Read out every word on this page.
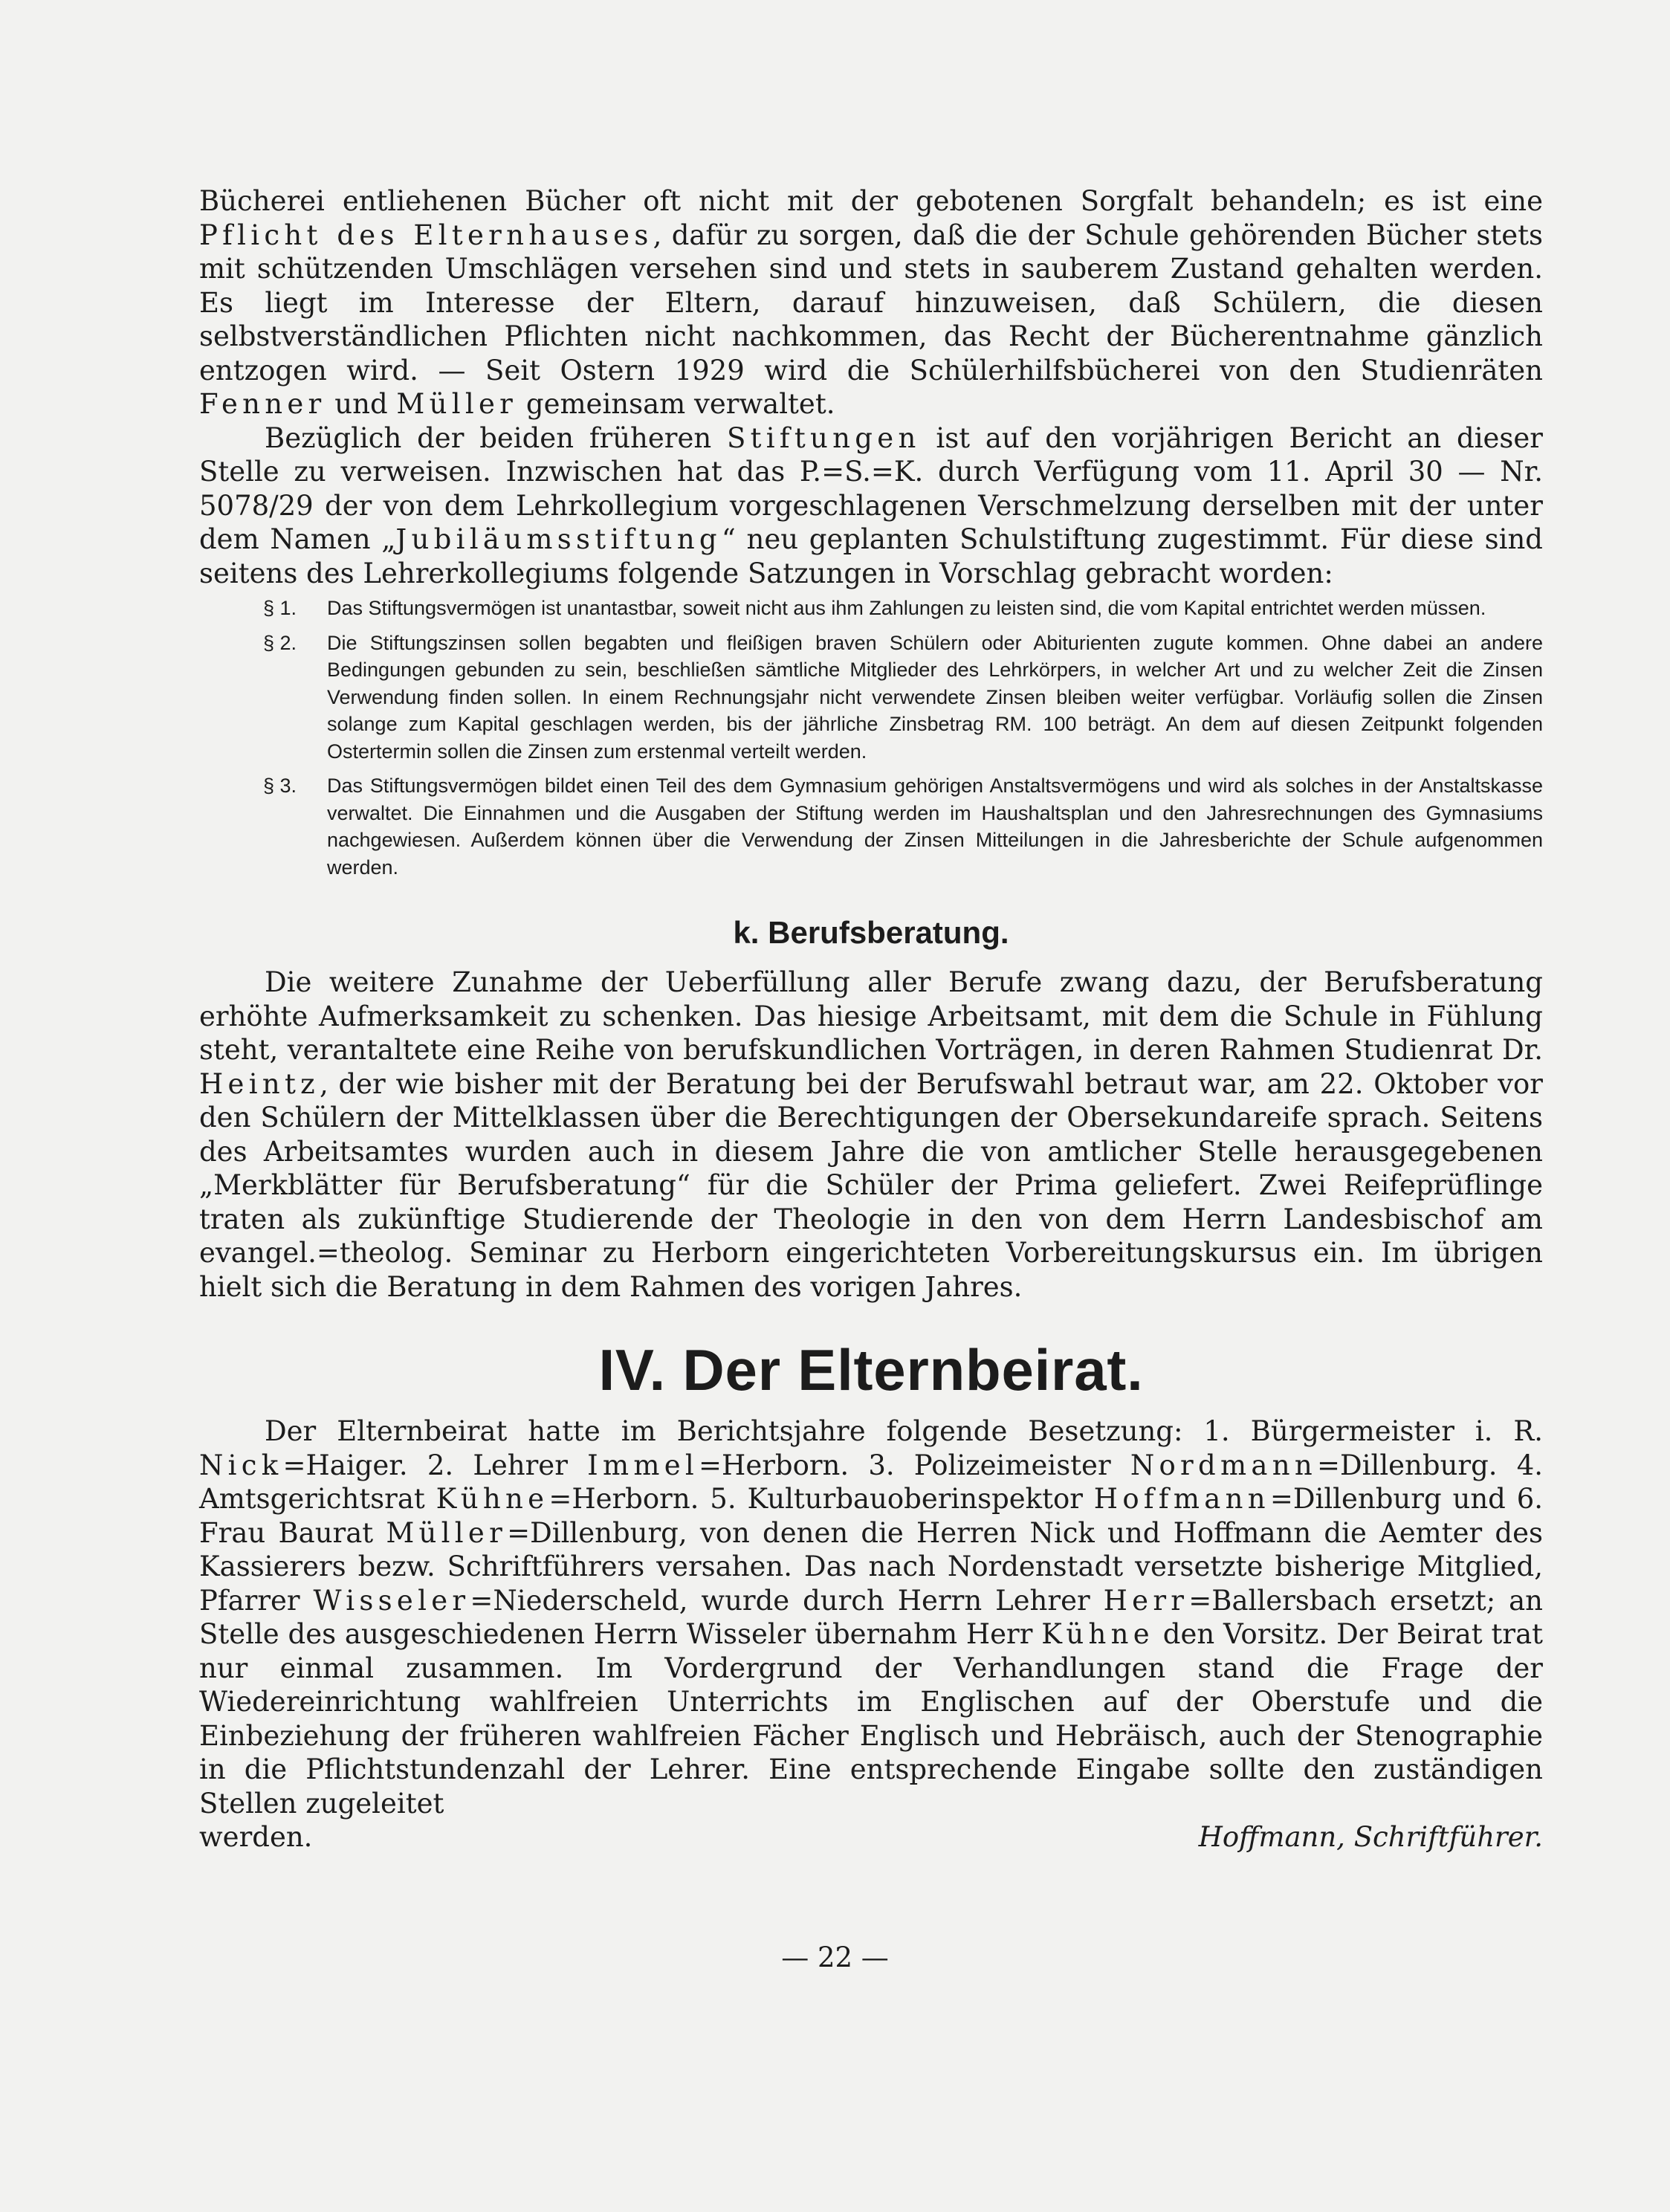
Bücherei entliehenen Bücher oft nicht mit der gebotenen Sorgfalt behandeln; es ist eine Pflicht des Elternhauses, dafür zu sorgen, daß die der Schule gehörenden Bücher stets mit schützenden Umschlägen versehen sind und stets in sauberem Zustand gehalten werden. Es liegt im Interesse der Eltern, darauf hinzuweisen, daß Schülern, die diesen selbstverständlichen Pflichten nicht nachkommen, das Recht der Bücherentnahme gänzlich entzogen wird. — Seit Ostern 1929 wird die Schülerhilfsbücherei von den Studienräten Fenner und Müller gemeinsam verwaltet.

Bezüglich der beiden früheren Stiftungen ist auf den vorjährigen Bericht an dieser Stelle zu verweisen. Inzwischen hat das P.=S.=K. durch Verfügung vom 11. April 30 — Nr. 5078/29 der von dem Lehrkollegium vorgeschlagenen Verschmelzung derselben mit der unter dem Namen „Jubiläumsstiftung“ neu geplanten Schulstiftung zugestimmt. Für diese sind seitens des Lehrerkollegiums folgende Satzungen in Vorschlag gebracht worden:

§ 1.	Das Stiftungsvermögen ist unantastbar, soweit nicht aus ihm Zahlungen zu leisten sind, die vom Kapital entrichtet werden müssen.
§ 2.	Die Stiftungszinsen sollen begabten und fleißigen braven Schülern oder Abiturienten zugute kommen. Ohne dabei an andere Bedingungen gebunden zu sein, beschließen sämtliche Mitglieder des Lehrkörpers, in welcher Art und zu welcher Zeit die Zinsen Verwendung finden sollen. In einem Rechnungsjahr nicht verwendete Zinsen bleiben weiter verfügbar. Vorläufig sollen die Zinsen solange zum Kapital geschlagen werden, bis der jährliche Zinsbetrag RM. 100 beträgt. An dem auf diesen Zeitpunkt folgenden Ostertermin sollen die Zinsen zum erstenmal verteilt werden.
§ 3.	Das Stiftungsvermögen bildet einen Teil des dem Gymnasium gehörigen Anstaltsvermögens und wird als solches in der Anstaltskasse verwaltet. Die Einnahmen und die Ausgaben der Stiftung werden im Haushaltsplan und den Jahresrechnungen des Gymnasiums nachgewiesen. Außerdem können über die Verwendung der Zinsen Mitteilungen in die Jahresberichte der Schule aufgenommen werden.
k. Berufsberatung.

Die weitere Zunahme der Ueberfüllung aller Berufe zwang dazu, der Berufsberatung erhöhte Aufmerksamkeit zu schenken. Das hiesige Arbeitsamt, mit dem die Schule in Fühlung steht, verantaltete eine Reihe von berufskundlichen Vorträgen, in deren Rahmen Studienrat Dr. Heintz, der wie bisher mit der Beratung bei der Berufswahl betraut war, am 22. Oktober vor den Schülern der Mittelklassen über die Berechtigungen der Obersekundareife sprach. Seitens des Arbeitsamtes wurden auch in diesem Jahre die von amtlicher Stelle herausgegebenen „Merkblätter für Berufsberatung“ für die Schüler der Prima geliefert. Zwei Reifeprüflinge traten als zukünftige Studierende der Theologie in den von dem Herrn Landesbischof am evangel.=theolog. Seminar zu Herborn eingerichteten Vorbereitungskursus ein. Im übrigen hielt sich die Beratung in dem Rahmen des vorigen Jahres.

IV. Der Elternbeirat.

Der Elternbeirat hatte im Berichtsjahre folgende Besetzung: 1. Bürgermeister i. R. Nick=Haiger. 2. Lehrer Immel=Herborn. 3. Polizeimeister Nordmann=Dillenburg. 4. Amtsgerichtsrat Kühne=Herborn. 5. Kulturbauoberinspektor Hoffmann=Dillenburg und 6. Frau Baurat Müller=Dillenburg, von denen die Herren Nick und Hoffmann die Aemter des Kassierers bezw. Schriftführers versahen. Das nach Nordenstadt versetzte bisherige Mitglied, Pfarrer Wisseler=Niederscheld, wurde durch Herrn Lehrer Herr=Ballersbach ersetzt; an Stelle des ausgeschiedenen Herrn Wisseler übernahm Herr Kühne den Vorsitz. Der Beirat trat nur einmal zusammen. Im Vordergrund der Verhandlungen stand die Frage der Wiedereinrichtung wahlfreien Unterrichts im Englischen auf der Oberstufe und die Einbeziehung der früheren wahlfreien Fächer Englisch und Hebräisch, auch der Stenographie in die Pflichtstundenzahl der Lehrer. Eine entsprechende Eingabe sollte den zuständigen Stellen zugeleitet

werden.	Hoffmann, Schriftführer.
— 22 —
